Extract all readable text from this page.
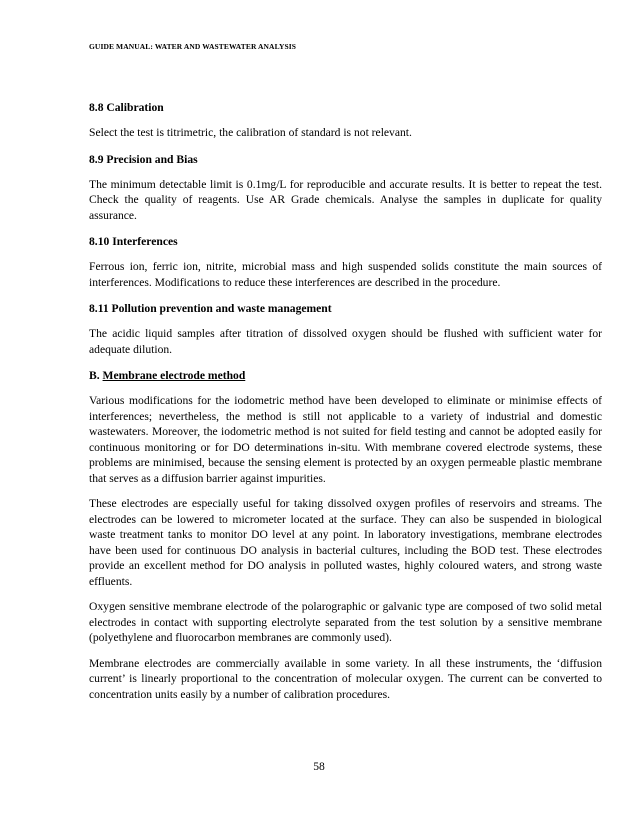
GUIDE MANUAL: WATER AND WASTEWATER ANALYSIS
8.8 Calibration

Select the test is titrimetric, the calibration of standard is not relevant.

8.9 Precision and Bias

The minimum detectable limit is 0.1mg/L for reproducible and accurate results. It is better to repeat the test. Check the quality of reagents. Use AR Grade chemicals. Analyse the samples in duplicate for quality assurance.

8.10 Interferences

Ferrous ion, ferric ion, nitrite, microbial mass and high suspended solids constitute the main sources of interferences. Modifications to reduce these interferences are described in the procedure.

8.11 Pollution prevention and waste management

The acidic liquid samples after titration of dissolved oxygen should be flushed with sufficient water for adequate dilution.

B. Membrane electrode method

Various modifications for the iodometric method have been developed to eliminate or minimise effects of interferences; nevertheless, the method is still not applicable to a variety of industrial and domestic wastewaters. Moreover, the iodometric method is not suited for field testing and cannot be adopted easily for continuous monitoring or for DO determinations in-situ. With membrane covered electrode systems, these problems are minimised, because the sensing element is protected by an oxygen permeable plastic membrane that serves as a diffusion barrier against impurities.

These electrodes are especially useful for taking dissolved oxygen profiles of reservoirs and streams. The electrodes can be lowered to micrometer located at the surface. They can also be suspended in biological waste treatment tanks to monitor DO level at any point. In laboratory investigations, membrane electrodes have been used for continuous DO analysis in bacterial cultures, including the BOD test. These electrodes provide an excellent method for DO analysis in polluted wastes, highly coloured waters, and strong waste effluents.

Oxygen sensitive membrane electrode of the polarographic or galvanic type are composed of two solid metal electrodes in contact with supporting electrolyte separated from the test solution by a sensitive membrane (polyethylene and fluorocarbon membranes are commonly used).

Membrane electrodes are commercially available in some variety. In all these instruments, the ‘diffusion current’ is linearly proportional to the concentration of molecular oxygen. The current can be converted to concentration units easily by a number of calibration procedures.

58
